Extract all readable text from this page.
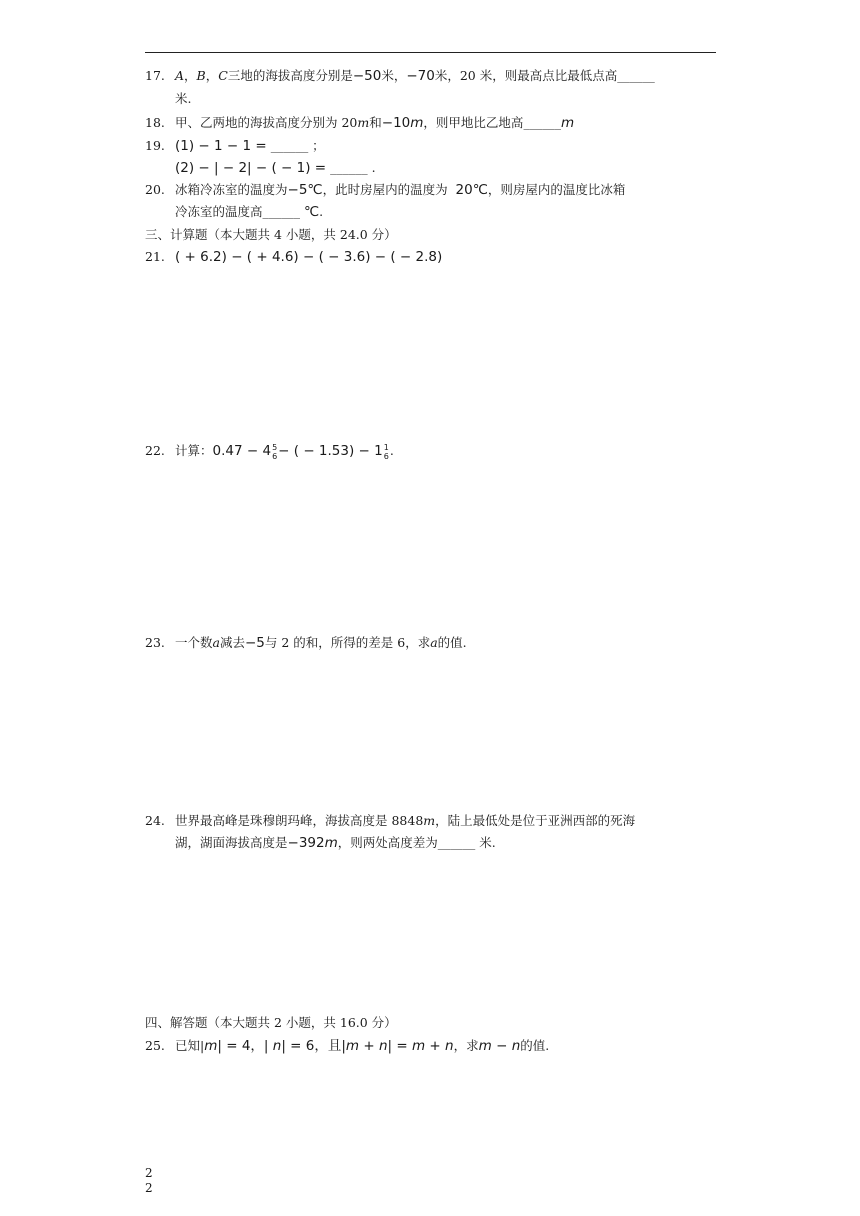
17. A，B，C三地的海拔高度分别是−50米，−70米，20 米，则最高点比最低点高______
米.
18. 甲、乙两地的海拔高度分别为 20m和−10m，则甲地比乙地高______m
19. (1) − 1 − 1 = ______ ；
(2) − | − 2| − ( − 1) = ______ .
20. 冰箱冷冻室的温度为−5℃，此时房屋内的温度为 20℃，则房屋内的温度比冰箱
冷冻室的温度高______ ℃.
三、计算题（本大题共 4 小题，共 24.0 分）
21. ( + 6.2) − ( + 4.6) − ( − 3.6) − ( − 2.8)
22. 计算：0.47 − 4 5
6 − ( − 1.53) − 1 1
6 .
23. 一个数a减去−5与 2 的和，所得的差是 6，求a的值.
24. 世界最高峰是珠穆朗玛峰，海拔高度是 8848m，陆上最低处是位于亚洲西部的死海
湖，湖面海拔高度是−392m，则两处高度差为______ 米.
四、解答题（本大题共 2 小题，共 16.0 分）
25. 已知|m| = 4，| n| = 6，且|m + n| = m + n，求m − n的值.
2
2
